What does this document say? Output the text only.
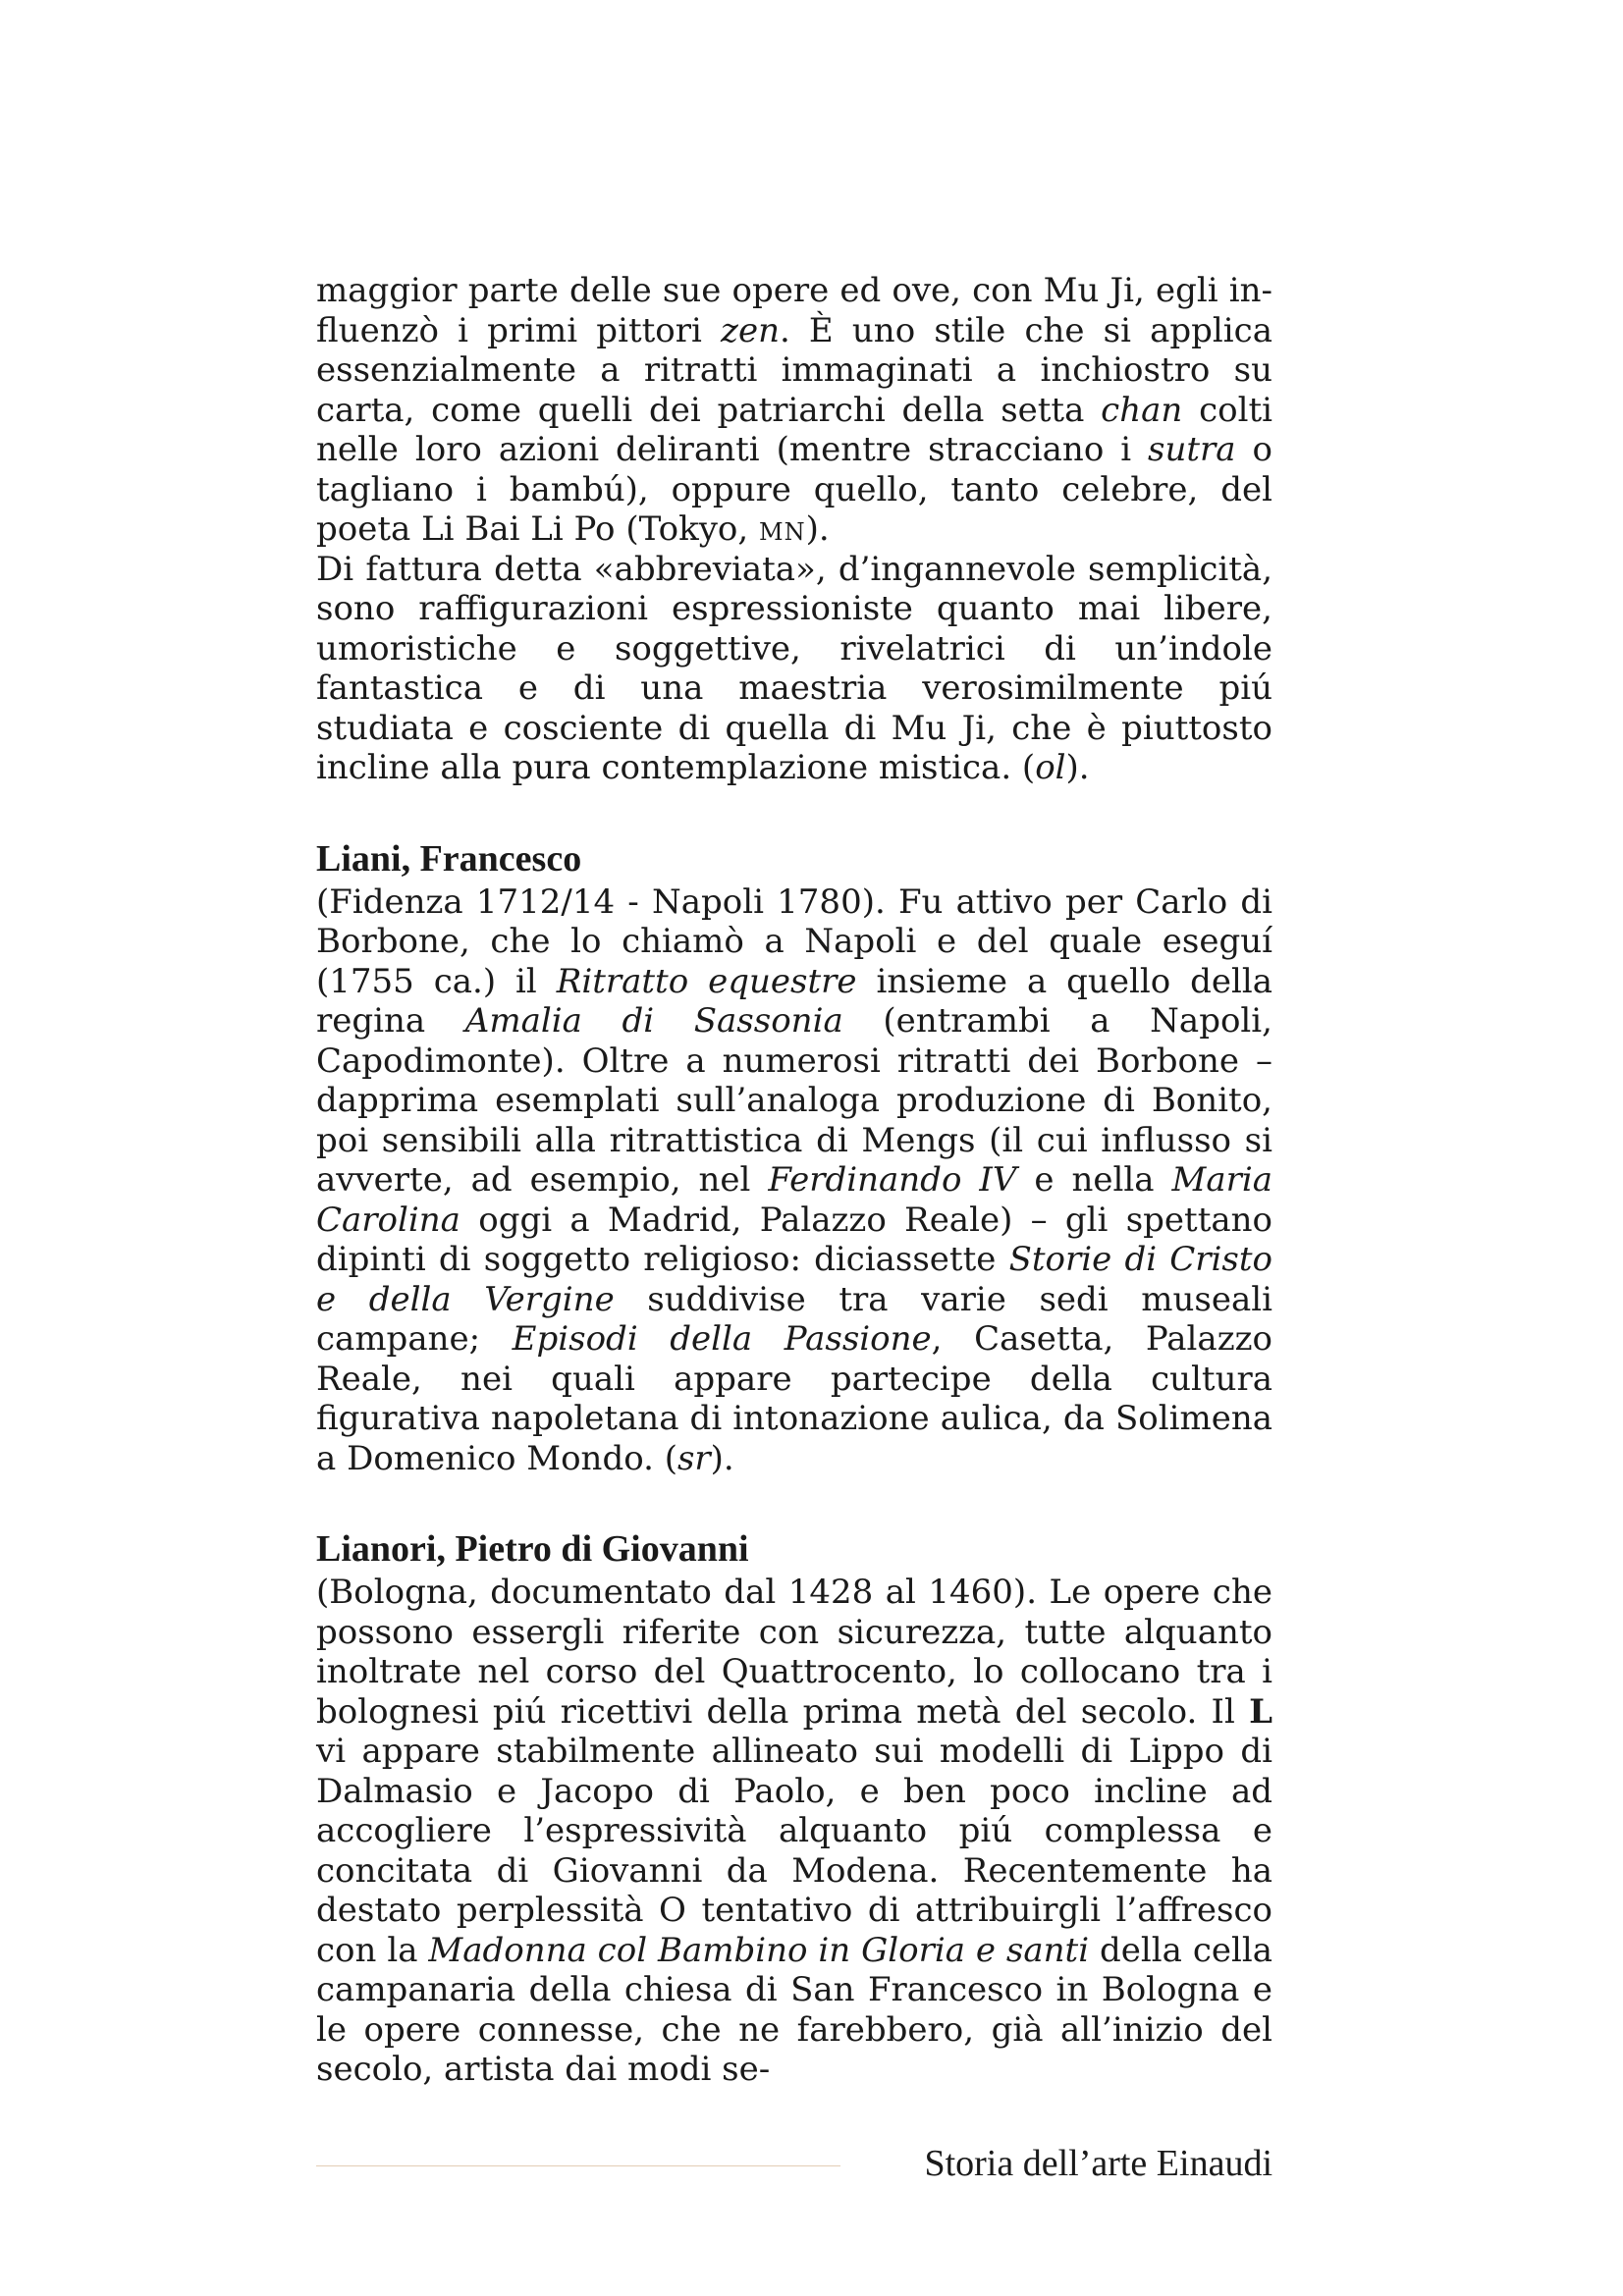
maggior parte delle sue opere ed ove, con Mu Ji, egli influenzò i primi pittori zen. È uno stile che si applica essenzialmente a ritratti immaginati a inchiostro su carta, come quelli dei patriarchi della setta chan colti nelle loro azioni deliranti (mentre stracciano i sutra o tagliano i bambú), oppure quello, tanto celebre, del poeta Li Bai Li Po (Tokyo, mn).

Di fattura detta «abbreviata», d’ingannevole semplicità, sono raffigurazioni espressioniste quanto mai libere, umoristiche e soggettive, rivelatrici di un’indole fantastica e di una maestria verosimilmente piú studiata e cosciente di quella di Mu Ji, che è piuttosto incline alla pura contemplazione mistica. (ol).

Liani, Francesco

(Fidenza 1712/14 - Napoli 1780). Fu attivo per Carlo di Borbone, che lo chiamò a Napoli e del quale eseguí (1755 ca.) il Ritratto equestre insieme a quello della regina Amalia di Sassonia (entrambi a Napoli, Capodimonte). Oltre a numerosi ritratti dei Borbone – dapprima esemplati sull’analoga produzione di Bonito, poi sensibili alla ritrattistica di Mengs (il cui influsso si avverte, ad esempio, nel Ferdinando IV e nella Maria Carolina oggi a Madrid, Palazzo Reale) – gli spettano dipinti di soggetto religioso: diciassette Storie di Cristo e della Vergine suddivise tra varie sedi museali campane; Episodi della Passione, Casetta, Palazzo Reale, nei quali appare partecipe della cultura figurativa napoletana di intonazione aulica, da Solimena a Domenico Mondo. (sr).

Lianori, Pietro di Giovanni

(Bologna, documentato dal 1428 al 1460). Le opere che possono essergli riferite con sicurezza, tutte alquanto inoltrate nel corso del Quattrocento, lo collocano tra i bolognesi piú ricettivi della prima metà del secolo. Il L vi appare stabilmente allineato sui modelli di Lippo di Dalmasio e Jacopo di Paolo, e ben poco incline ad accogliere l’espressività alquanto piú complessa e concitata di Giovanni da Modena. Recentemente ha destato perplessità O tentativo di attribuirgli l’affresco con la Madonna col Bambino in Gloria e santi della cella campanaria della chiesa di San Francesco in Bologna e le opere connesse, che ne farebbero, già all’inizio del secolo, artista dai modi se-

Storia dell’arte Einaudi
